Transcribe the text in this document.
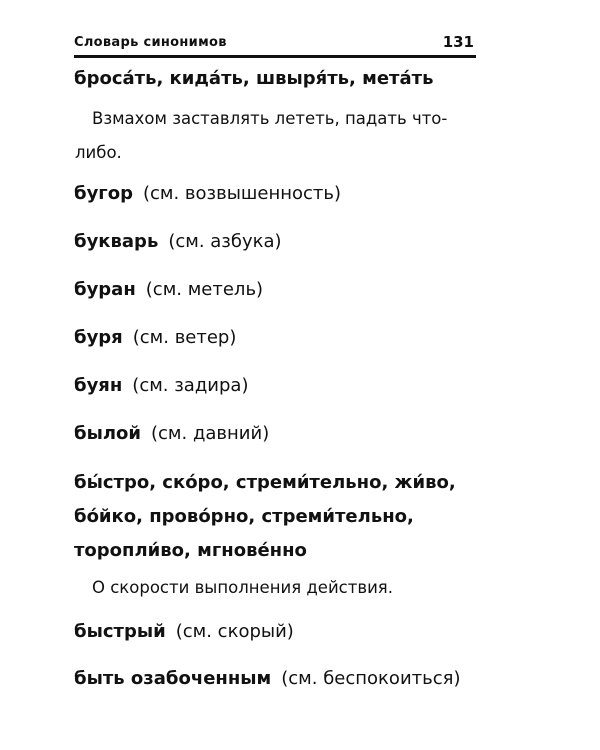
Словарь синонимов	131
броса́ть, кида́ть, швыря́ть, мета́ть
Взмахом заставлять лететь, падать что-
либо.
бугор (см. возвышенность)
букварь (см. азбука)
буран (см. метель)
буря (см. ветер)
буян (см. задира)
былой (см. давний)
бы́стро, ско́ро, стреми́тельно, жи́во,
бо́йко, прово́рно, стреми́тельно,
торопли́во, мгнове́нно
О скорости выполнения действия.
быстрый (см. скорый)
быть озабоченным (см. беспокоиться)
